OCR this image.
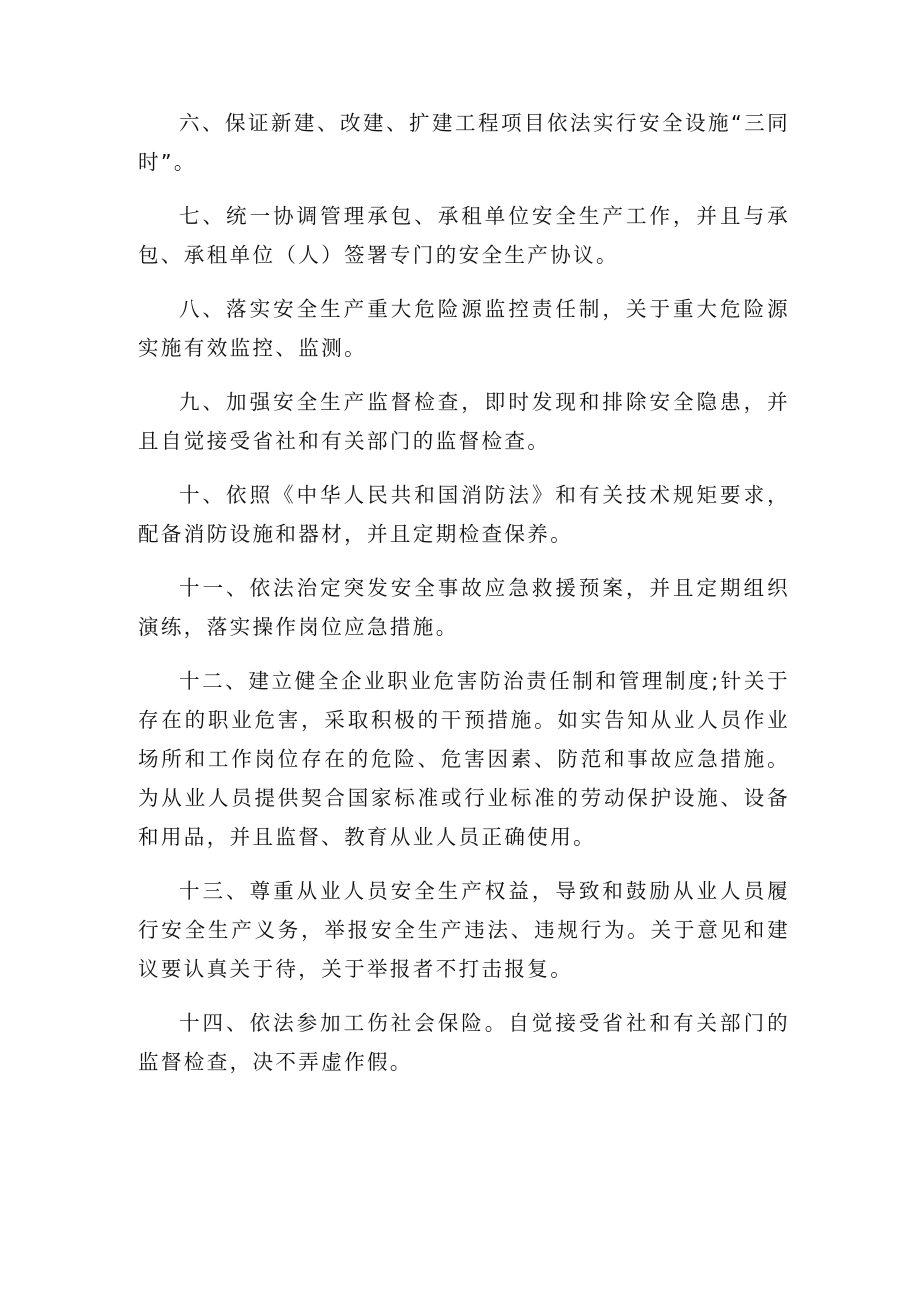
六、保证新建、改建、扩建工程项目依法实行安全设施“三同时”。

七、统一协调管理承包、承租单位安全生产工作，并且与承包、承租单位（人）签署专门的安全生产协议。

八、落实安全生产重大危险源监控责任制，关于重大危险源实施有效监控、监测。

九、加强安全生产监督检查，即时发现和排除安全隐患，并且自觉接受省社和有关部门的监督检查。

十、依照《中华人民共和国消防法》和有关技术规矩要求，配备消防设施和器材，并且定期检查保养。

十一、依法治定突发安全事故应急救援预案，并且定期组织演练，落实操作岗位应急措施。

十二、建立健全企业职业危害防治责任制和管理制度;针关于存在的职业危害，采取积极的干预措施。如实告知从业人员作业场所和工作岗位存在的危险、危害因素、防范和事故应急措施。为从业人员提供契合国家标准或行业标准的劳动保护设施、设备和用品，并且监督、教育从业人员正确使用。

十三、尊重从业人员安全生产权益，导致和鼓励从业人员履行安全生产义务，举报安全生产违法、违规行为。关于意见和建议要认真关于待，关于举报者不打击报复。

十四、依法参加工伤社会保险。自觉接受省社和有关部门的监督检查，决不弄虚作假。
